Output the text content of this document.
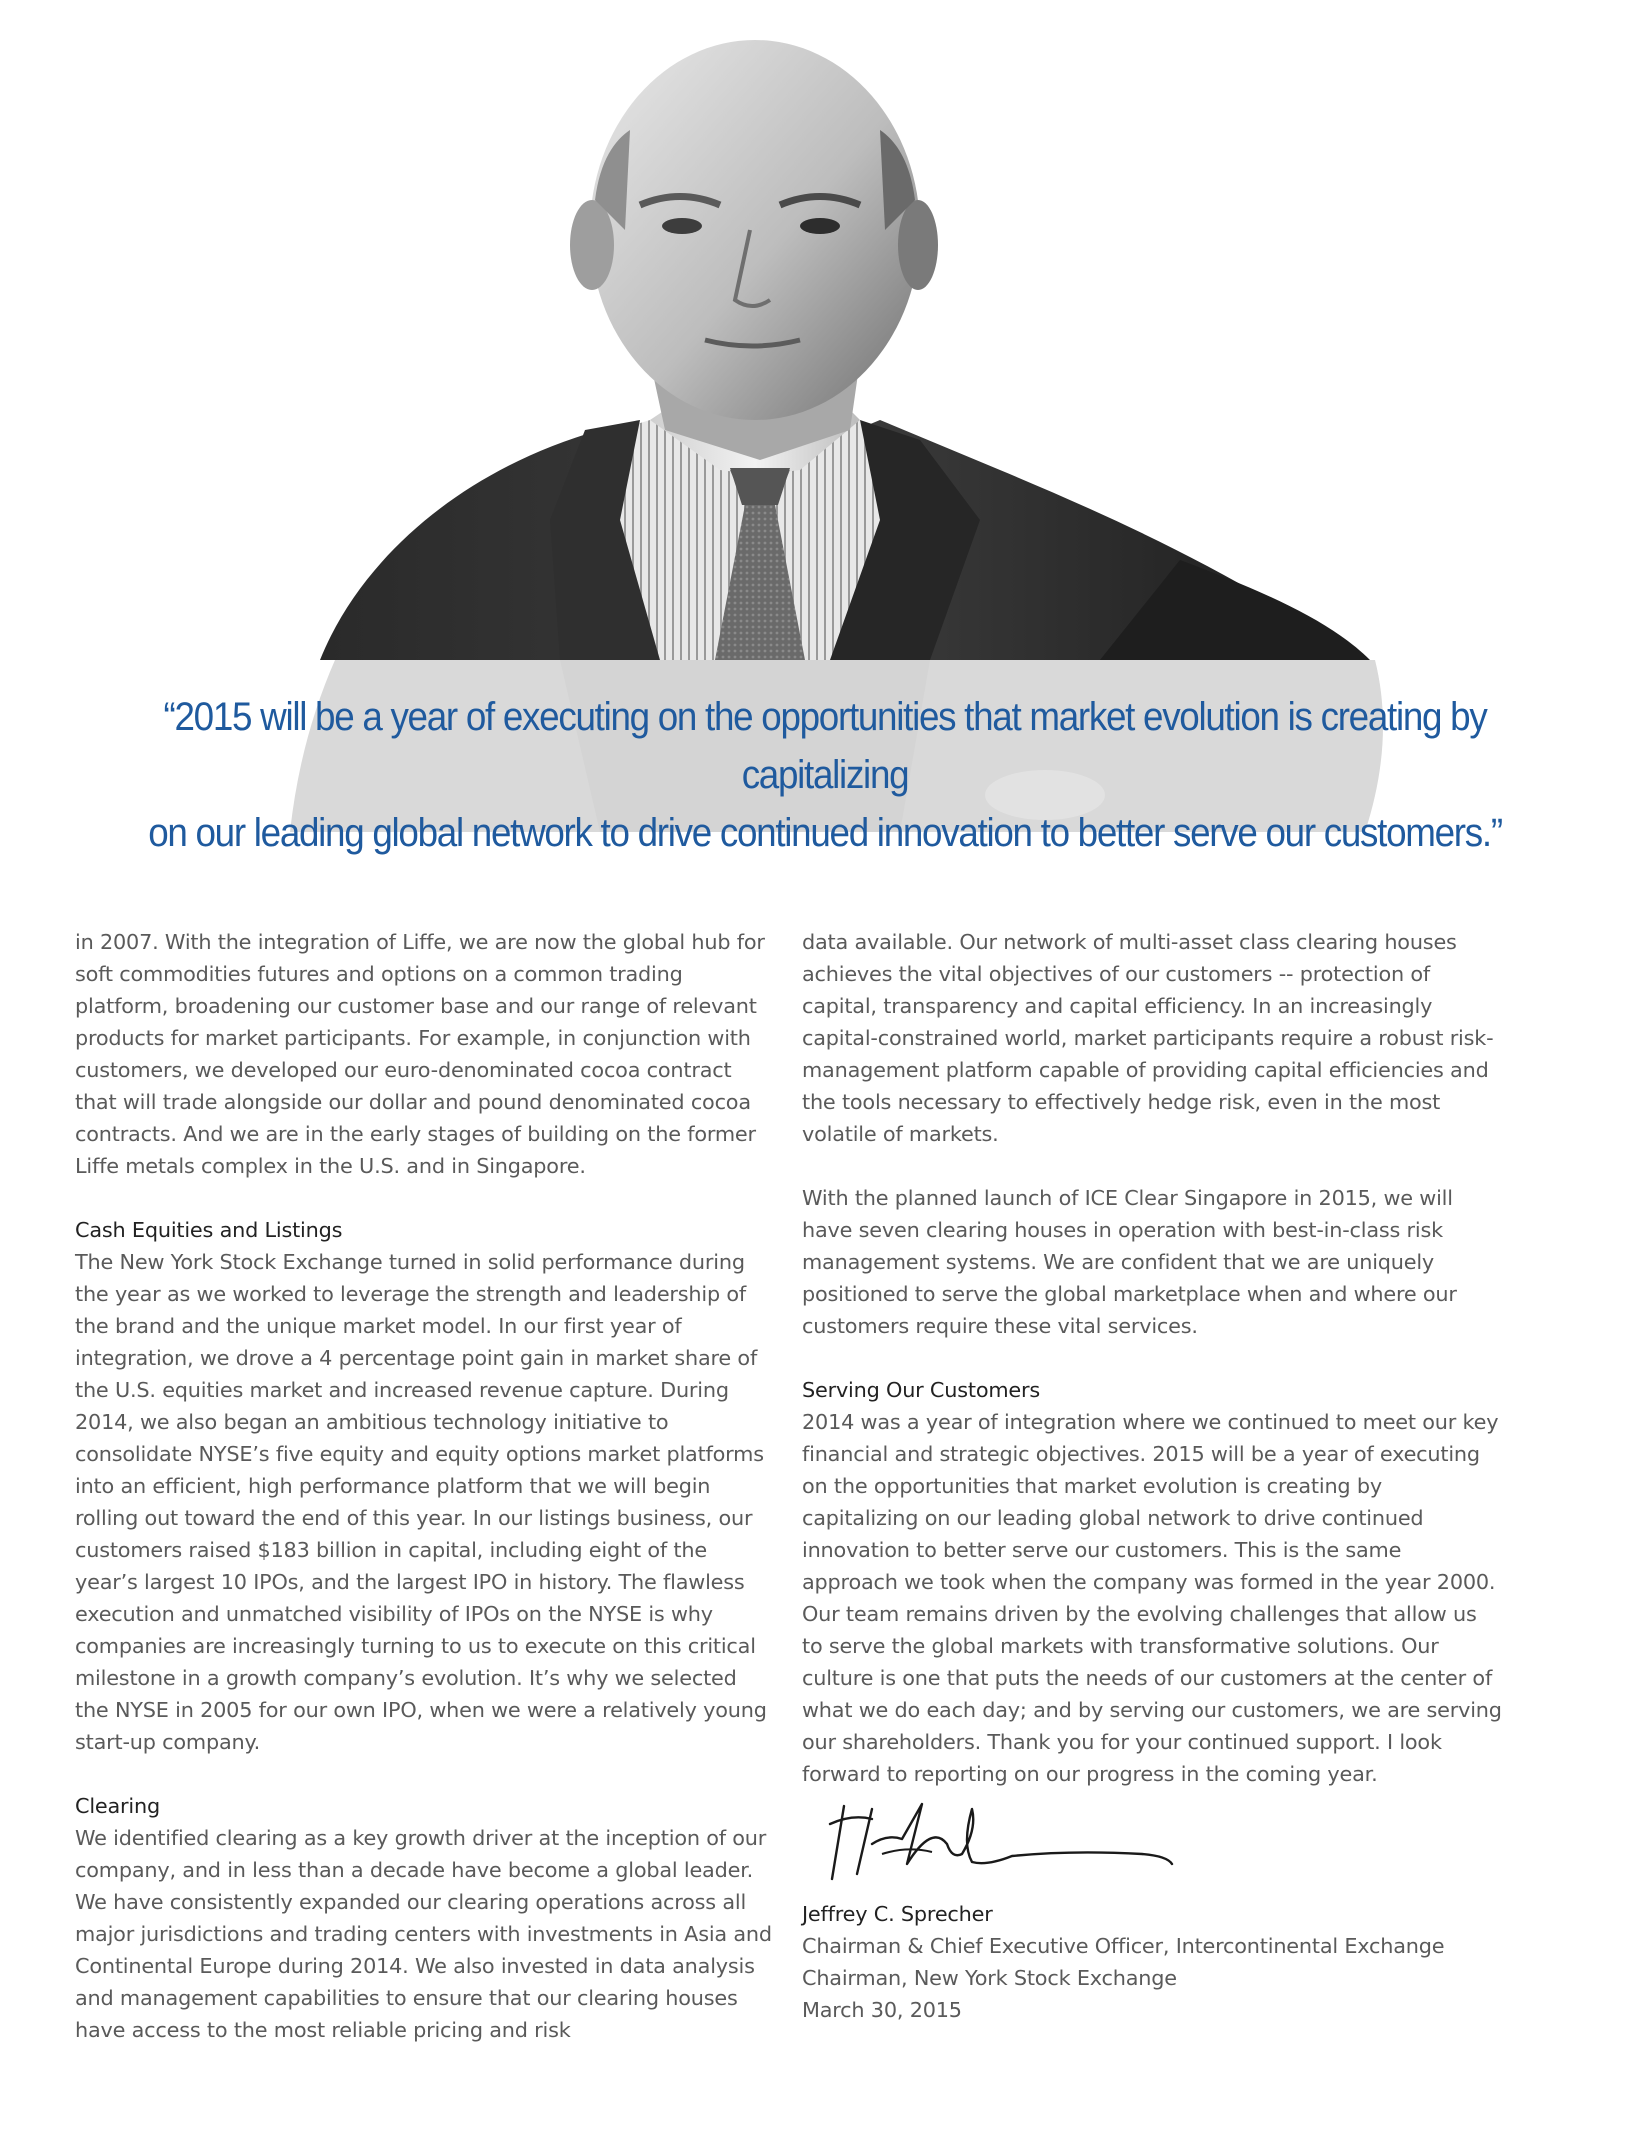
“2015 will be a year of executing on the opportunities that market evolution is creating by capitalizing
on our leading global network to drive continued innovation to better serve our customers.”

in 2007. With the integration of Liffe, we are now the global hub for soft commodities futures and options on a common trading platform, broadening our customer base and our range of relevant products for market participants. For example, in conjunction with customers, we developed our euro-denominated cocoa contract that will trade alongside our dollar and pound denominated cocoa contracts. And we are in the early stages of building on the former Liffe metals complex in the U.S. and in Singapore.

Cash Equities and Listings

The New York Stock Exchange turned in solid performance during the year as we worked to leverage the strength and leadership of the brand and the unique market model. In our first year of integration, we drove a 4 percentage point gain in market share of the U.S. equities market and increased revenue capture. During 2014, we also began an ambitious technology initiative to consolidate NYSE’s five equity and equity options market platforms into an efficient, high performance platform that we will begin rolling out toward the end of this year. In our listings business, our customers raised $183 billion in capital, including eight of the year’s largest 10 IPOs, and the largest IPO in history. The flawless execution and unmatched visibility of IPOs on the NYSE is why companies are increasingly turning to us to execute on this critical milestone in a growth company’s evolution. It’s why we selected the NYSE in 2005 for our own IPO, when we were a relatively young start-up company.

Clearing

We identified clearing as a key growth driver at the inception of our company, and in less than a decade have become a global leader. We have consistently expanded our clearing operations across all major jurisdictions and trading centers with investments in Asia and Continental Europe during 2014. We also invested in data analysis and management capabilities to ensure that our clearing houses have access to the most reliable pricing and risk

data available. Our network of multi-asset class clearing houses achieves the vital objectives of our customers -- protection of capital, transparency and capital efficiency. In an increasingly capital-constrained world, market participants require a robust risk-management platform capable of providing capital efficiencies and the tools necessary to effectively hedge risk, even in the most volatile of markets.

With the planned launch of ICE Clear Singapore in 2015, we will have seven clearing houses in operation with best-in-class risk management systems. We are confident that we are uniquely positioned to serve the global marketplace when and where our customers require these vital services.

Serving Our Customers

2014 was a year of integration where we continued to meet our key financial and strategic objectives. 2015 will be a year of executing on the opportunities that market evolution is creating by capitalizing on our leading global network to drive continued innovation to better serve our customers. This is the same approach we took when the company was formed in the year 2000. Our team remains driven by the evolving challenges that allow us to serve the global markets with transformative solutions. Our culture is one that puts the needs of our customers at the center of what we do each day; and by serving our customers, we are serving our shareholders. Thank you for your continued support. I look forward to reporting on our progress in the coming year.

Jeffrey C. Sprecher
Chairman & Chief Executive Officer, Intercontinental Exchange
Chairman, New York Stock Exchange
March 30, 2015
